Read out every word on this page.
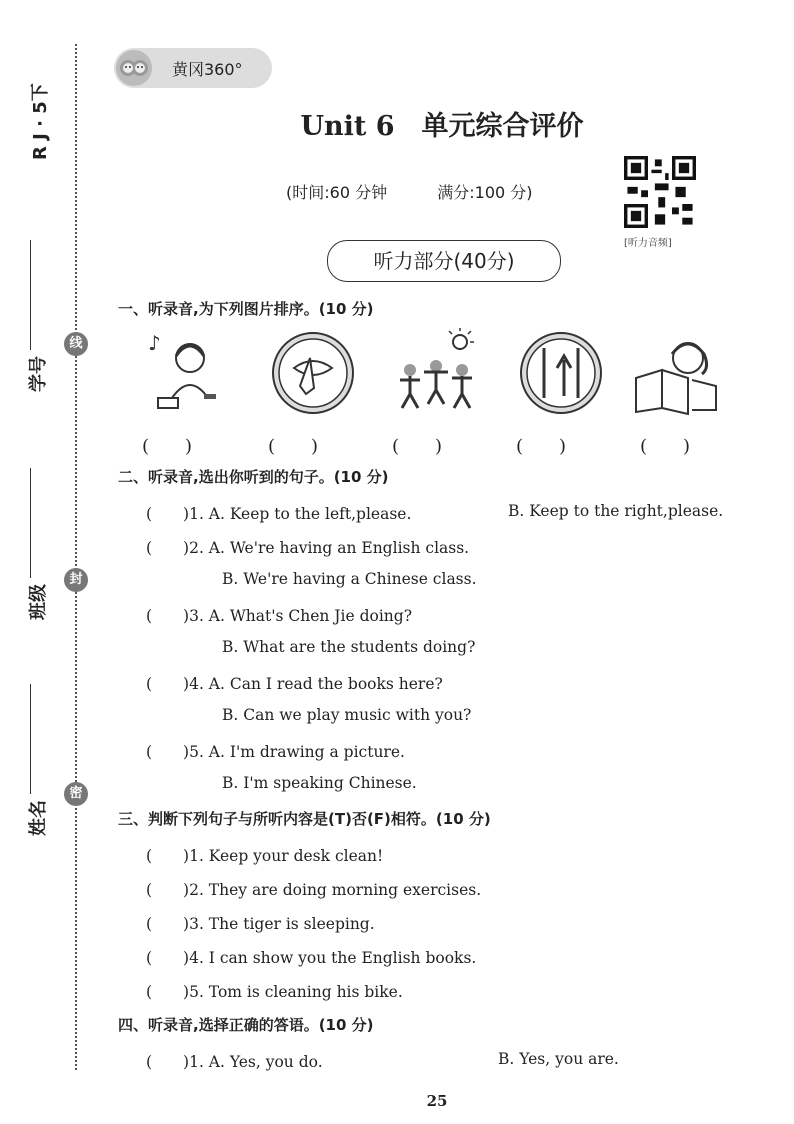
R J · 5下
线
封
密
学号
班级
姓名
黄冈360°
Unit 6　单元综合评价
(时间:60 分钟	满分:100 分)
[听力音频]
听力部分(40分)
一、听录音,为下列图片排序。(10 分)
♪
(　　)	(　　)	(　　)	(　　)	(　　)
二、听录音,选出你听到的句子。(10 分)
(　　)1. A. Keep to the left,please.	B. Keep to the right,please.
(　　)2. A. We're having an English class.
B. We're having a Chinese class.
(　　)3. A. What's Chen Jie doing?
B. What are the students doing?
(　　)4. A. Can I read the books here?
B. Can we play music with you?
(　　)5. A. I'm drawing a picture.
B. I'm speaking Chinese.
三、判断下列句子与所听内容是(T)否(F)相符。(10 分)
(　　)1. Keep your desk clean!
(　　)2. They are doing morning exercises.
(　　)3. The tiger is sleeping.
(　　)4. I can show you the English books.
(　　)5. Tom is cleaning his bike.
四、听录音,选择正确的答语。(10 分)
(　　)1. A. Yes, you do.	B. Yes, you are.
25
